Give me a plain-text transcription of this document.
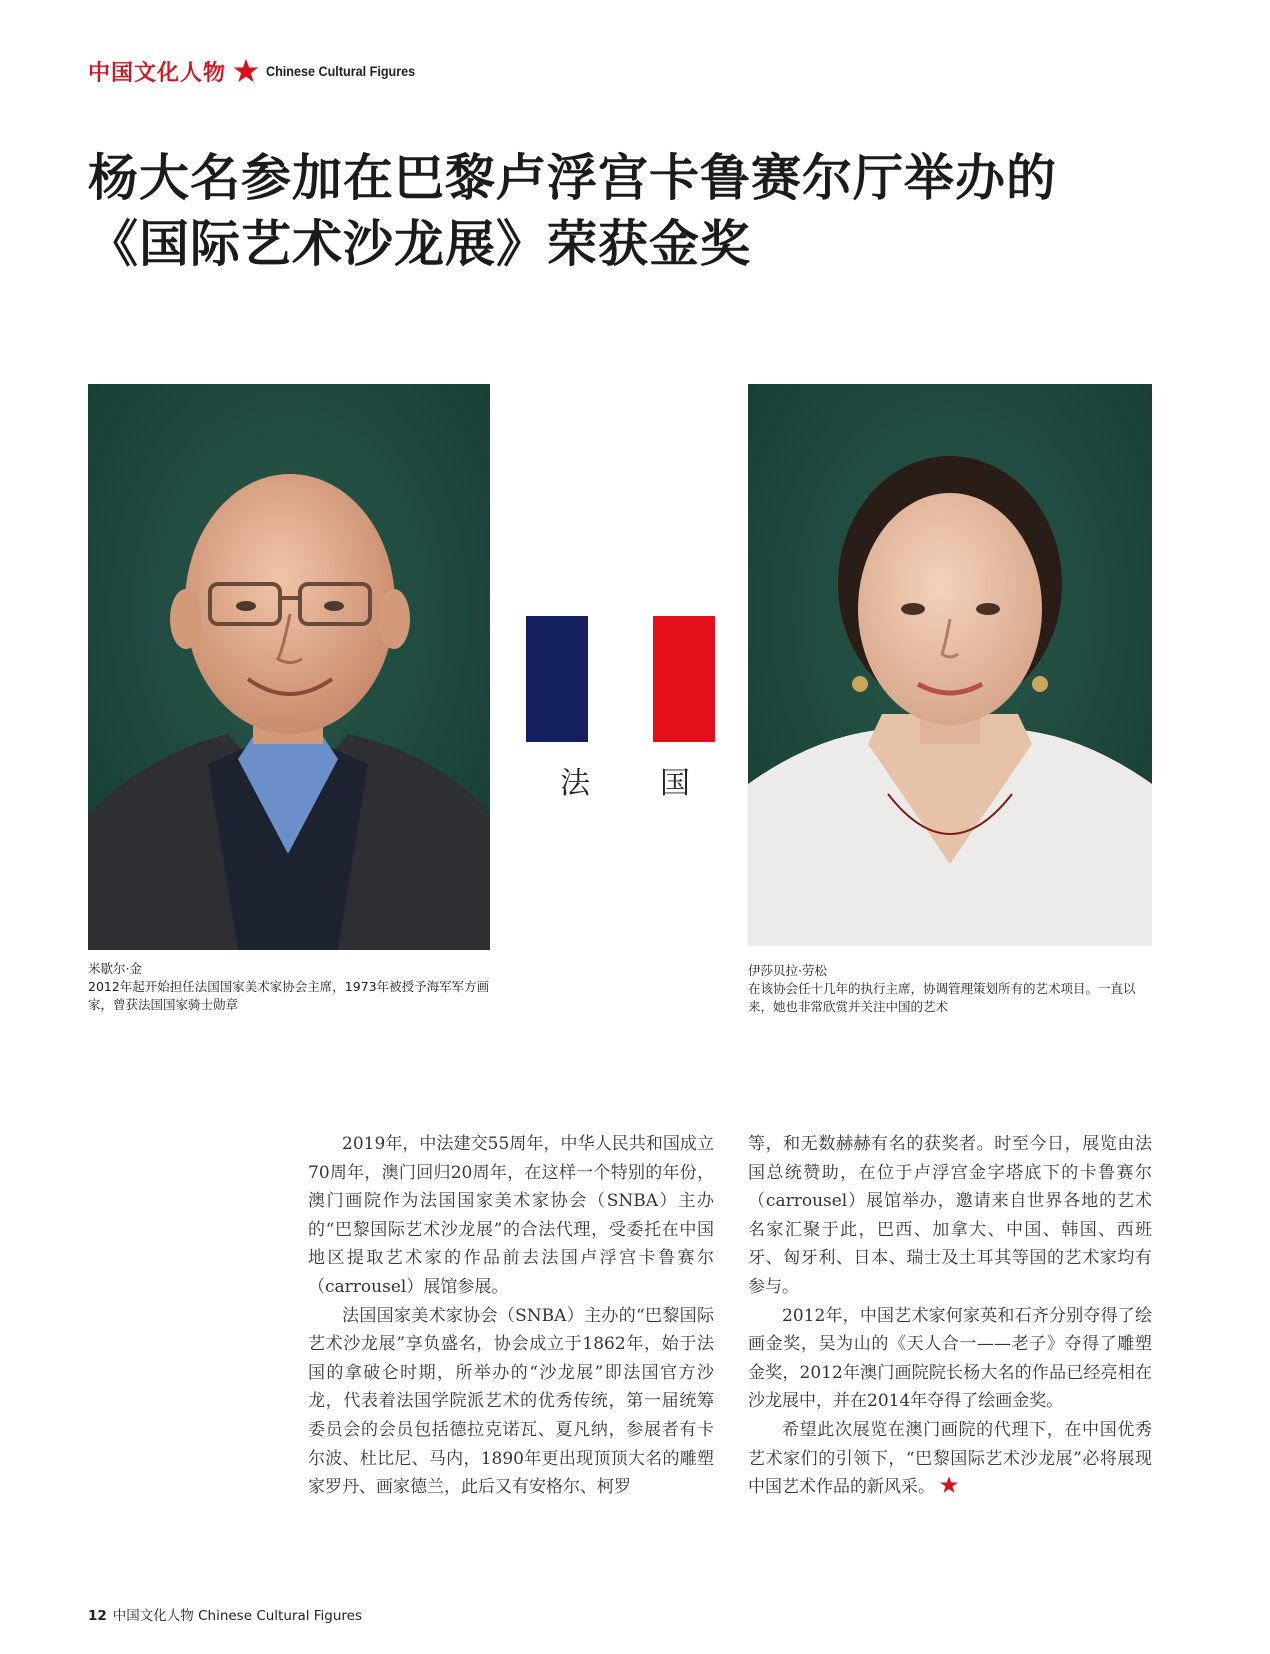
中国文化人物	Chinese Cultural Figures
杨大名参加在巴黎卢浮宫卡鲁赛尔厅举办的
《国际艺术沙龙展》荣获金奖
法 国
米歇尔·金
2012年起开始担任法国国家美术家协会主席，1973年被授予海军军方画家，曾获法国国家骑士勋章
伊莎贝拉·劳松
在该协会任十几年的执行主席，协调管理策划所有的艺术项目。一直以来，她也非常欣赏并关注中国的艺术

2019年，中法建交55周年，中华人民共和国成立70周年，澳门回归20周年，在这样一个特别的年份，澳门画院作为法国国家美术家协会（SNBA）主办的“巴黎国际艺术沙龙展”的合法代理，受委托在中国地区提取艺术家的作品前去法国卢浮宫卡鲁赛尔（carrousel）展馆参展。

法国国家美术家协会（SNBA）主办的“巴黎国际艺术沙龙展”享负盛名，协会成立于1862年，始于法国的拿破仑时期，所举办的“沙龙展”即法国官方沙龙，代表着法国学院派艺术的优秀传统，第一届统筹委员会的会员包括德拉克诺瓦、夏凡纳，参展者有卡尔波、杜比尼、马内，1890年更出现顶顶大名的雕塑家罗丹、画家德兰，此后又有安格尔、柯罗

等，和无数赫赫有名的获奖者。时至今日，展览由法国总统赞助，在位于卢浮宫金字塔底下的卡鲁赛尔（carrousel）展馆举办，邀请来自世界各地的艺术名家汇聚于此，巴西、加拿大、中国、韩国、西班牙、匈牙利、日本、瑞士及土耳其等国的艺术家均有参与。

2012年，中国艺术家何家英和石齐分别夺得了绘画金奖，吴为山的《天人合一——老子》夺得了雕塑金奖，2012年澳门画院院长杨大名的作品已经亮相在沙龙展中，并在2014年夺得了绘画金奖。

希望此次展览在澳门画院的代理下，在中国优秀艺术家们的引领下，“巴黎国际艺术沙龙展”必将展现中国艺术作品的新风采。

12 中国文化人物 Chinese Cultural Figures
